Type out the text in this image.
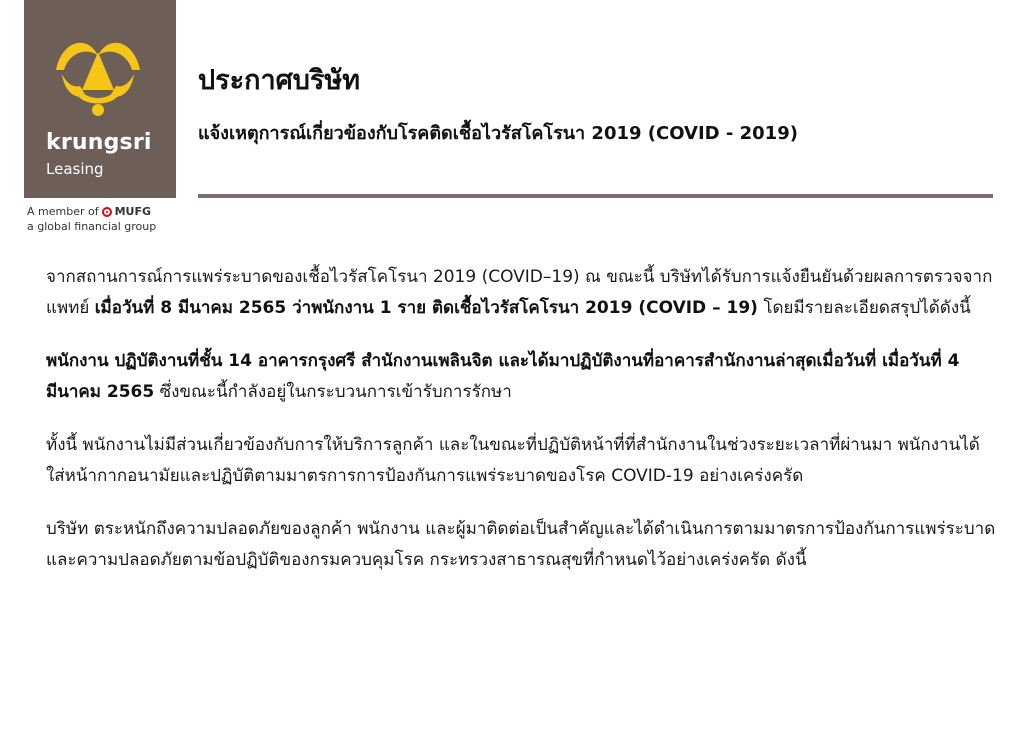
krungsri
Leasing
A member of MUFG
a global financial group
ประกาศบริษัท
แจ้งเหตุการณ์เกี่ยวข้องกับโรคติดเชื้อไวรัสโคโรนา 2019 (COVID - 2019)

จากสถานการณ์การแพร่ระบาดของเชื้อไวรัสโคโรนา 2019 (COVID–19) ณ ขณะนี้ บริษัทได้รับการแจ้งยืนยันด้วยผลการตรวจจากแพทย์ เมื่อวันที่ 8 มีนาคม 2565 ว่าพนักงาน 1 ราย ติดเชื้อไวรัสโคโรนา 2019 (COVID – 19) โดยมีรายละเอียดสรุปได้ดังนี้

พนักงาน ปฏิบัติงานที่ชั้น 14 อาคารกรุงศรี สำนักงานเพลินจิต และได้มาปฏิบัติงานที่อาคารสำนักงานล่าสุดเมื่อวันที่ เมื่อวันที่ 4 มีนาคม 2565 ซึ่งขณะนี้กำลังอยู่ในกระบวนการเข้ารับการรักษา

ทั้งนี้ พนักงานไม่มีส่วนเกี่ยวข้องกับการให้บริการลูกค้า และในขณะที่ปฏิบัติหน้าที่ที่สำนักงานในช่วงระยะเวลาที่ผ่านมา พนักงานได้ใส่หน้ากากอนามัยและปฏิบัติตามมาตรการการป้องกันการแพร่ระบาดของโรค COVID-19 อย่างเคร่งครัด

บริษัท ตระหนักถึงความปลอดภัยของลูกค้า พนักงาน และผู้มาติดต่อเป็นสำคัญและได้ดำเนินการตามมาตรการป้องกันการแพร่ระบาดและความปลอดภัยตามข้อปฏิบัติของกรมควบคุมโรค กระทรวงสาธารณสุขที่กำหนดไว้อย่างเคร่งครัด ดังนี้
